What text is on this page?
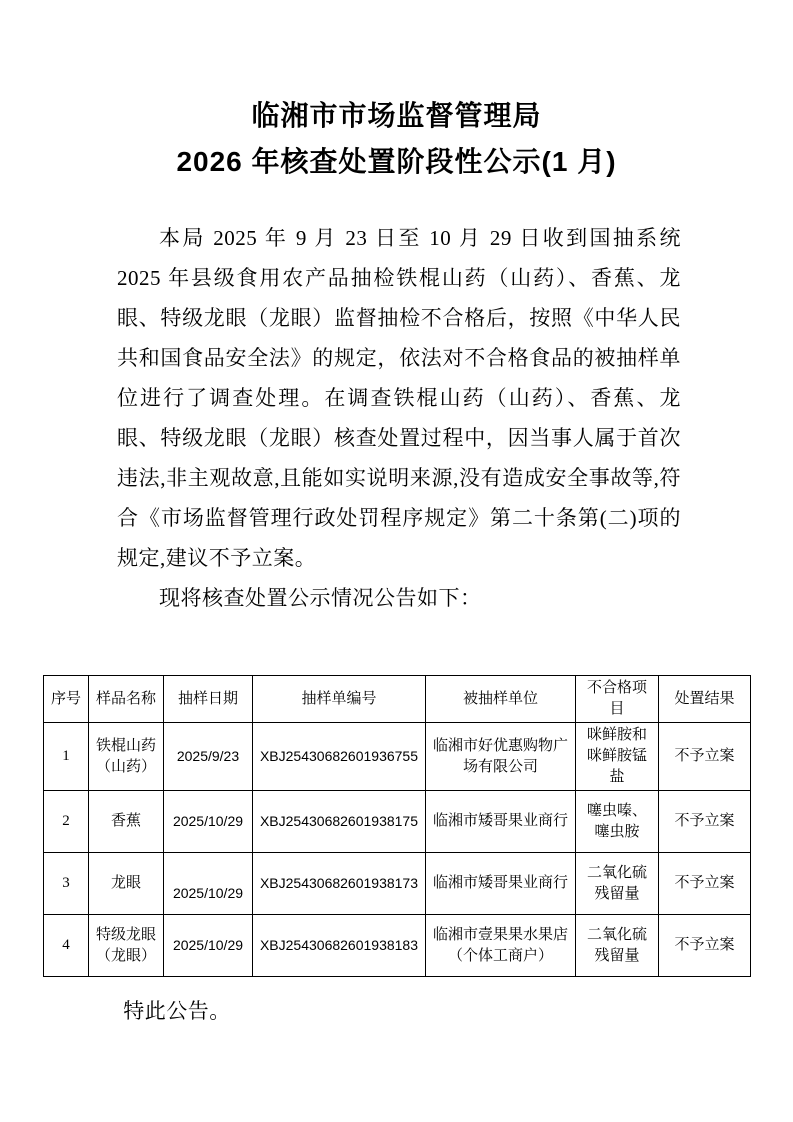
临湘市市场监督管理局
2026 年核查处置阶段性公示(1 月)

本局 2025 年 9 月 23 日至 10 月 29 日收到国抽系统 2025 年县级食用农产品抽检铁棍山药（山药）、香蕉、龙眼、特级龙眼（龙眼）监督抽检不合格后，按照《中华人民共和国食品安全法》的规定，依法对不合格食品的被抽样单位进行了调查处理。在调查铁棍山药（山药）、香蕉、龙眼、特级龙眼（龙眼）核查处置过程中，因当事人属于首次违法,非主观故意,且能如实说明来源,没有造成安全事故等,符合《市场监督管理行政处罚程序规定》第二十条第(二)项的规定,建议不予立案。

现将核查处置公示情况公告如下：

序号	样品名称	抽样日期	抽样单编号	被抽样单位	不合格项目	处置结果
1	铁棍山药（山药）	2025/9/23	XBJ25430682601936755	临湘市好优惠购物广场有限公司	咪鲜胺和咪鲜胺锰盐	不予立案
2	香蕉	2025/10/29	XBJ25430682601938175	临湘市矮哥果业商行	噻虫嗪、噻虫胺	不予立案
3	龙眼	2025/10/29	XBJ25430682601938173	临湘市矮哥果业商行	二氧化硫残留量	不予立案
4	特级龙眼（龙眼）	2025/10/29	XBJ25430682601938183	临湘市壹果果水果店（个体工商户）	二氧化硫残留量	不予立案

特此公告。
